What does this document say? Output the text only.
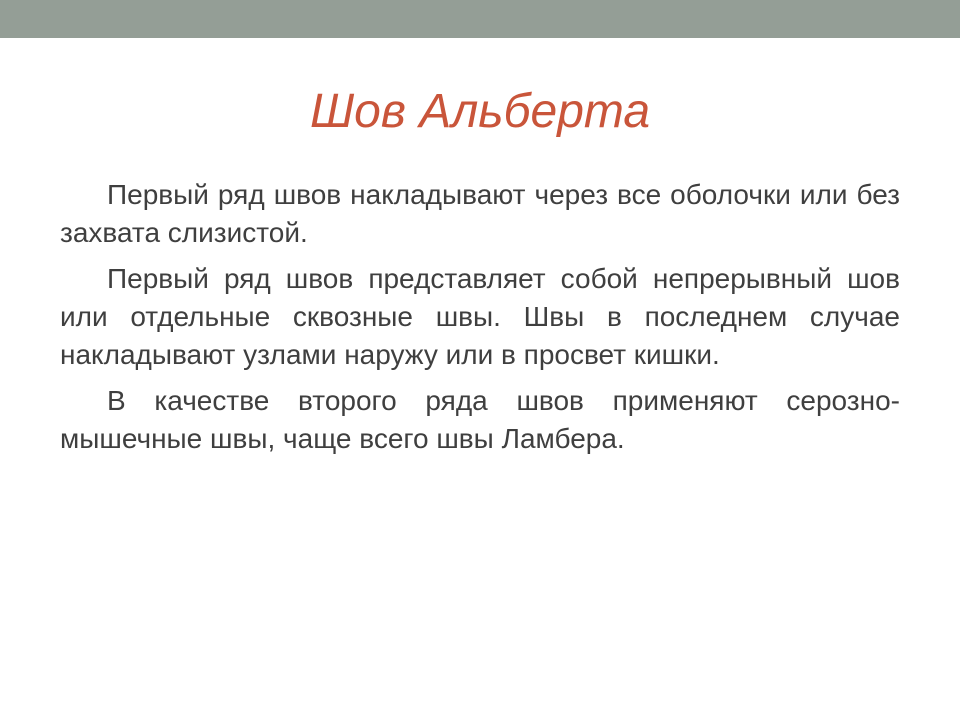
Шов Альберта

Первый ряд швов накладывают через все оболочки или без захвата слизистой.

Первый ряд швов представляет собой непрерывный шов или отдельные сквозные швы. Швы в последнем случае накладывают узлами наружу или в просвет кишки.

В качестве второго ряда швов применяют серозно-мышечные швы, чаще всего швы Ламбера.
